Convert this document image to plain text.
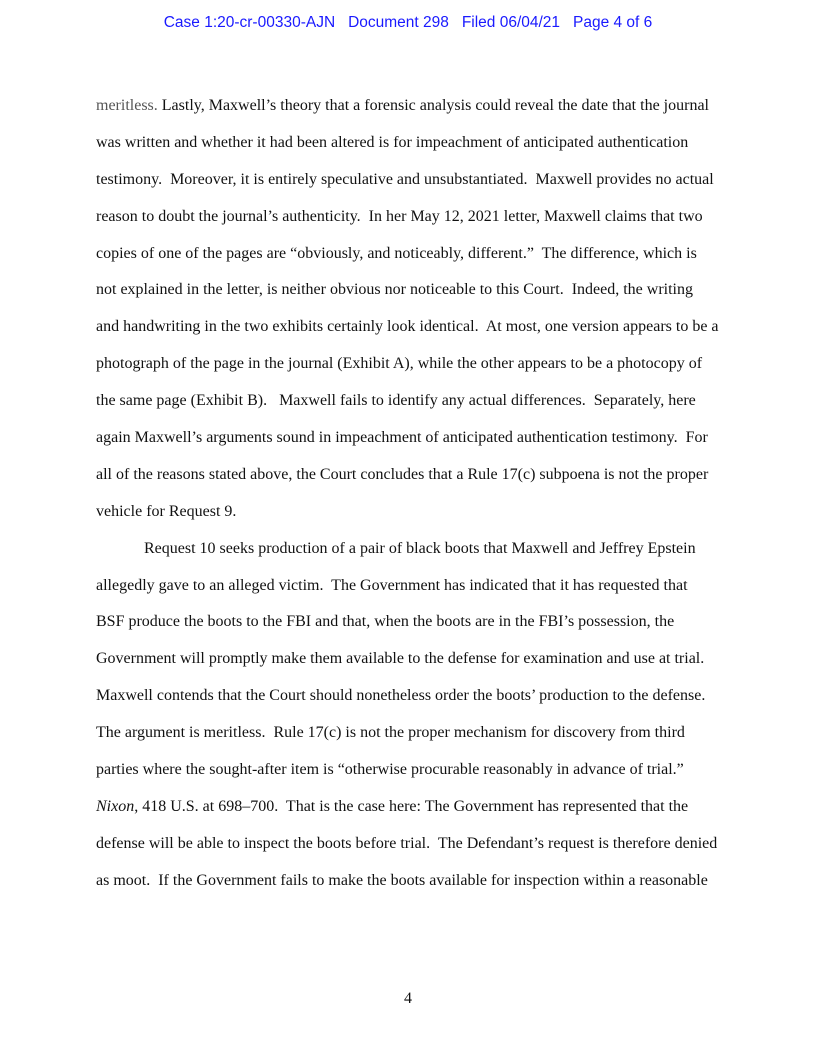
Case 1:20-cr-00330-AJN Document 298 Filed 06/04/21 Page 4 of 6
meritless. Lastly, Maxwell’s theory that a forensic analysis could reveal the date that the journal
was written and whether it had been altered is for impeachment of anticipated authentication
testimony.  Moreover, it is entirely speculative and unsubstantiated.  Maxwell provides no actual
reason to doubt the journal’s authenticity.  In her May 12, 2021 letter, Maxwell claims that two
copies of one of the pages are “obviously, and noticeably, different.”  The difference, which is
not explained in the letter, is neither obvious nor noticeable to this Court.  Indeed, the writing
and handwriting in the two exhibits certainly look identical.  At most, one version appears to be a
photograph of the page in the journal (Exhibit A), while the other appears to be a photocopy of
the same page (Exhibit B).   Maxwell fails to identify any actual differences.  Separately, here
again Maxwell’s arguments sound in impeachment of anticipated authentication testimony.  For
all of the reasons stated above, the Court concludes that a Rule 17(c) subpoena is not the proper
vehicle for Request 9.
Request 10 seeks production of a pair of black boots that Maxwell and Jeffrey Epstein
allegedly gave to an alleged victim.  The Government has indicated that it has requested that
BSF produce the boots to the FBI and that, when the boots are in the FBI’s possession, the
Government will promptly make them available to the defense for examination and use at trial.
Maxwell contends that the Court should nonetheless order the boots’ production to the defense.
The argument is meritless.  Rule 17(c) is not the proper mechanism for discovery from third
parties where the sought-after item is “otherwise procurable reasonably in advance of trial.”
Nixon, 418 U.S. at 698–700.  That is the case here: The Government has represented that the
defense will be able to inspect the boots before trial.  The Defendant’s request is therefore denied
as moot.  If the Government fails to make the boots available for inspection within a reasonable
4
